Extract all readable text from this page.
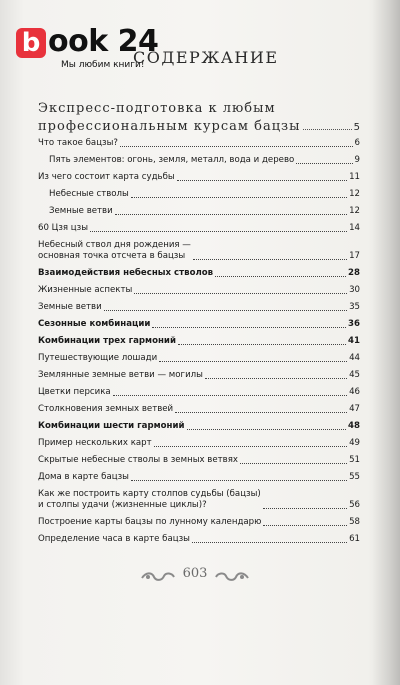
b ook 24
Мы любим книги!
СОДЕРЖАНИЕ
Экспресс-подготовка к любым
профессиональным курсам бацзы	5
Что такое бацзы?	6
Пять элементов: огонь, земля, металл, вода и дерево	9
Из чего состоит карта судьбы	11
Небесные стволы	12
Земные ветви	12
60 Цзя цзы	14
Небесный ствол дня рождения —
основная точка отсчета в бацзы	17
Взаимодействия небесных стволов	28
Жизненные аспекты	30
Земные ветви	35
Сезонные комбинации	36
Комбинации трех гармоний	41
Путешествующие лошади	44
Землянные земные ветви — могилы	45
Цветки персика	46
Столкновения земных ветвей	47
Комбинации шести гармоний	48
Пример нескольких карт	49
Скрытые небесные стволы в земных ветвях	51
Дома в карте бацзы	55
Как же построить карту столпов судьбы (бацзы)
и столпы удачи (жизненные циклы)?	56
Построение карты бацзы по лунному календарю	58
Определение часа в карте бацзы	61
603
